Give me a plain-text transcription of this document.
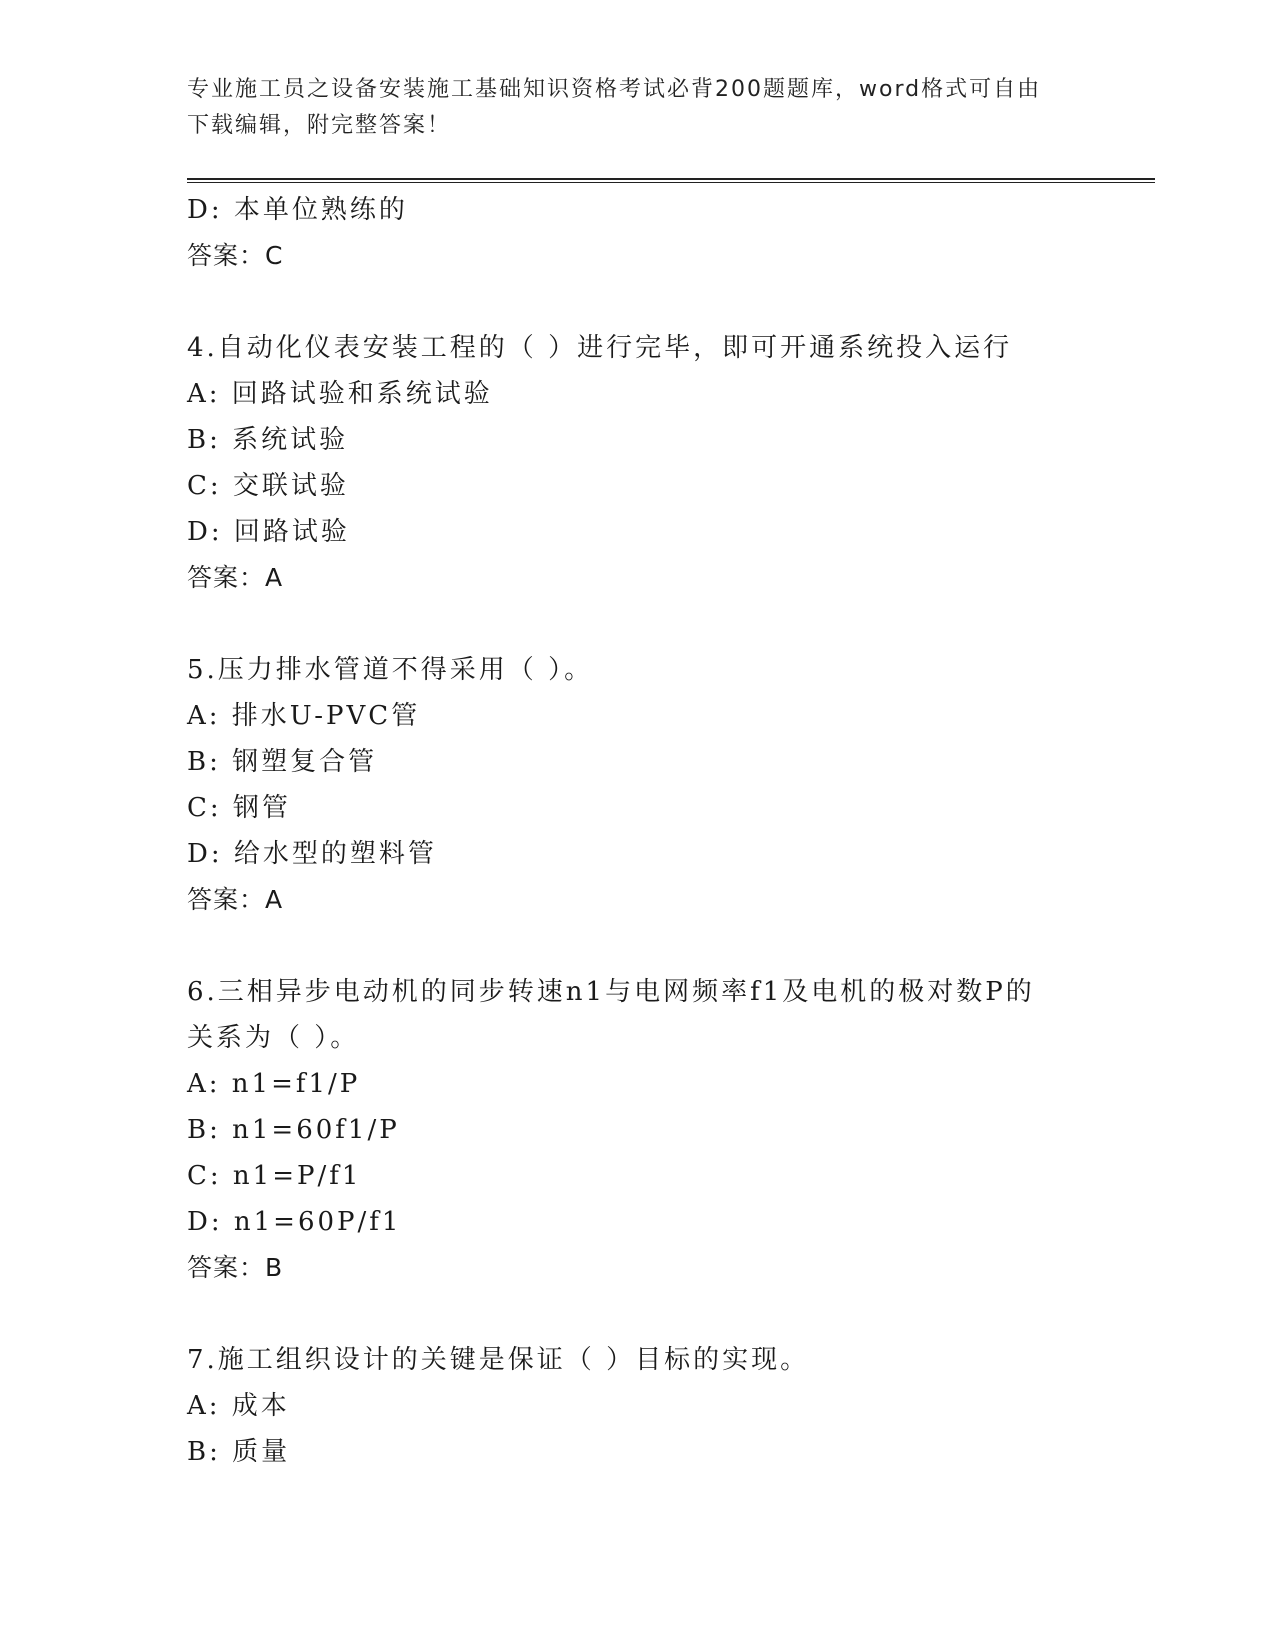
专业施工员之设备安装施工基础知识资格考试必背200题题库，word格式可自由
下载编辑，附完整答案！
D: 本单位熟练的
答案：C
4.自动化仪表安装工程的（ ）进行完毕，即可开通系统投入运行
A: 回路试验和系统试验
B: 系统试验
C: 交联试验
D: 回路试验
答案：A
5.压力排水管道不得采用（ ）。
A: 排水U-PVC管
B: 钢塑复合管
C: 钢管
D: 给水型的塑料管
答案：A
6.三相异步电动机的同步转速n1与电网频率f1及电机的极对数P的
关系为（ ）。
A: n1=f1/P
B: n1=60f1/P
C: n1=P/f1
D: n1=60P/f1
答案：B
7.施工组织设计的关键是保证（ ）目标的实现。
A: 成本
B: 质量
